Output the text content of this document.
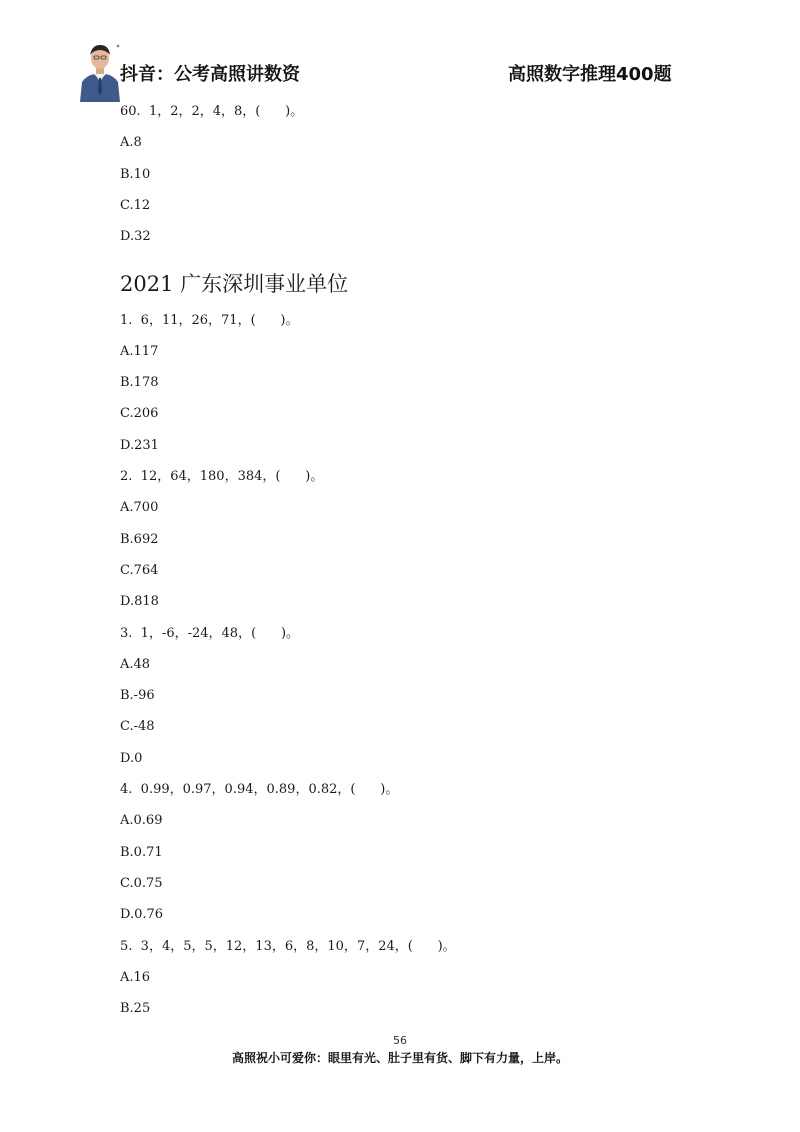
抖音：公考高照讲数资	高照数字推理400题
60.  1，2，2，4，8，(      )。
A.8
B.10
C.12
D.32
2021 广东深圳事业单位
1.  6，11，26，71，(      )。
A.117
B.178
C.206
D.231
2.  12，64，180，384，(      )。
A.700
B.692
C.764
D.818
3.  1，-6，-24，48，(      )。
A.48
B.-96
C.-48
D.0
4.  0.99，0.97，0.94，0.89，0.82，(      )。
A.0.69
B.0.71
C.0.75
D.0.76
5.  3，4，5，5，12，13，6，8，10，7，24，(      )。
A.16
B.25
56
高照祝小可爱你：眼里有光、肚子里有货、脚下有力量，上岸。
